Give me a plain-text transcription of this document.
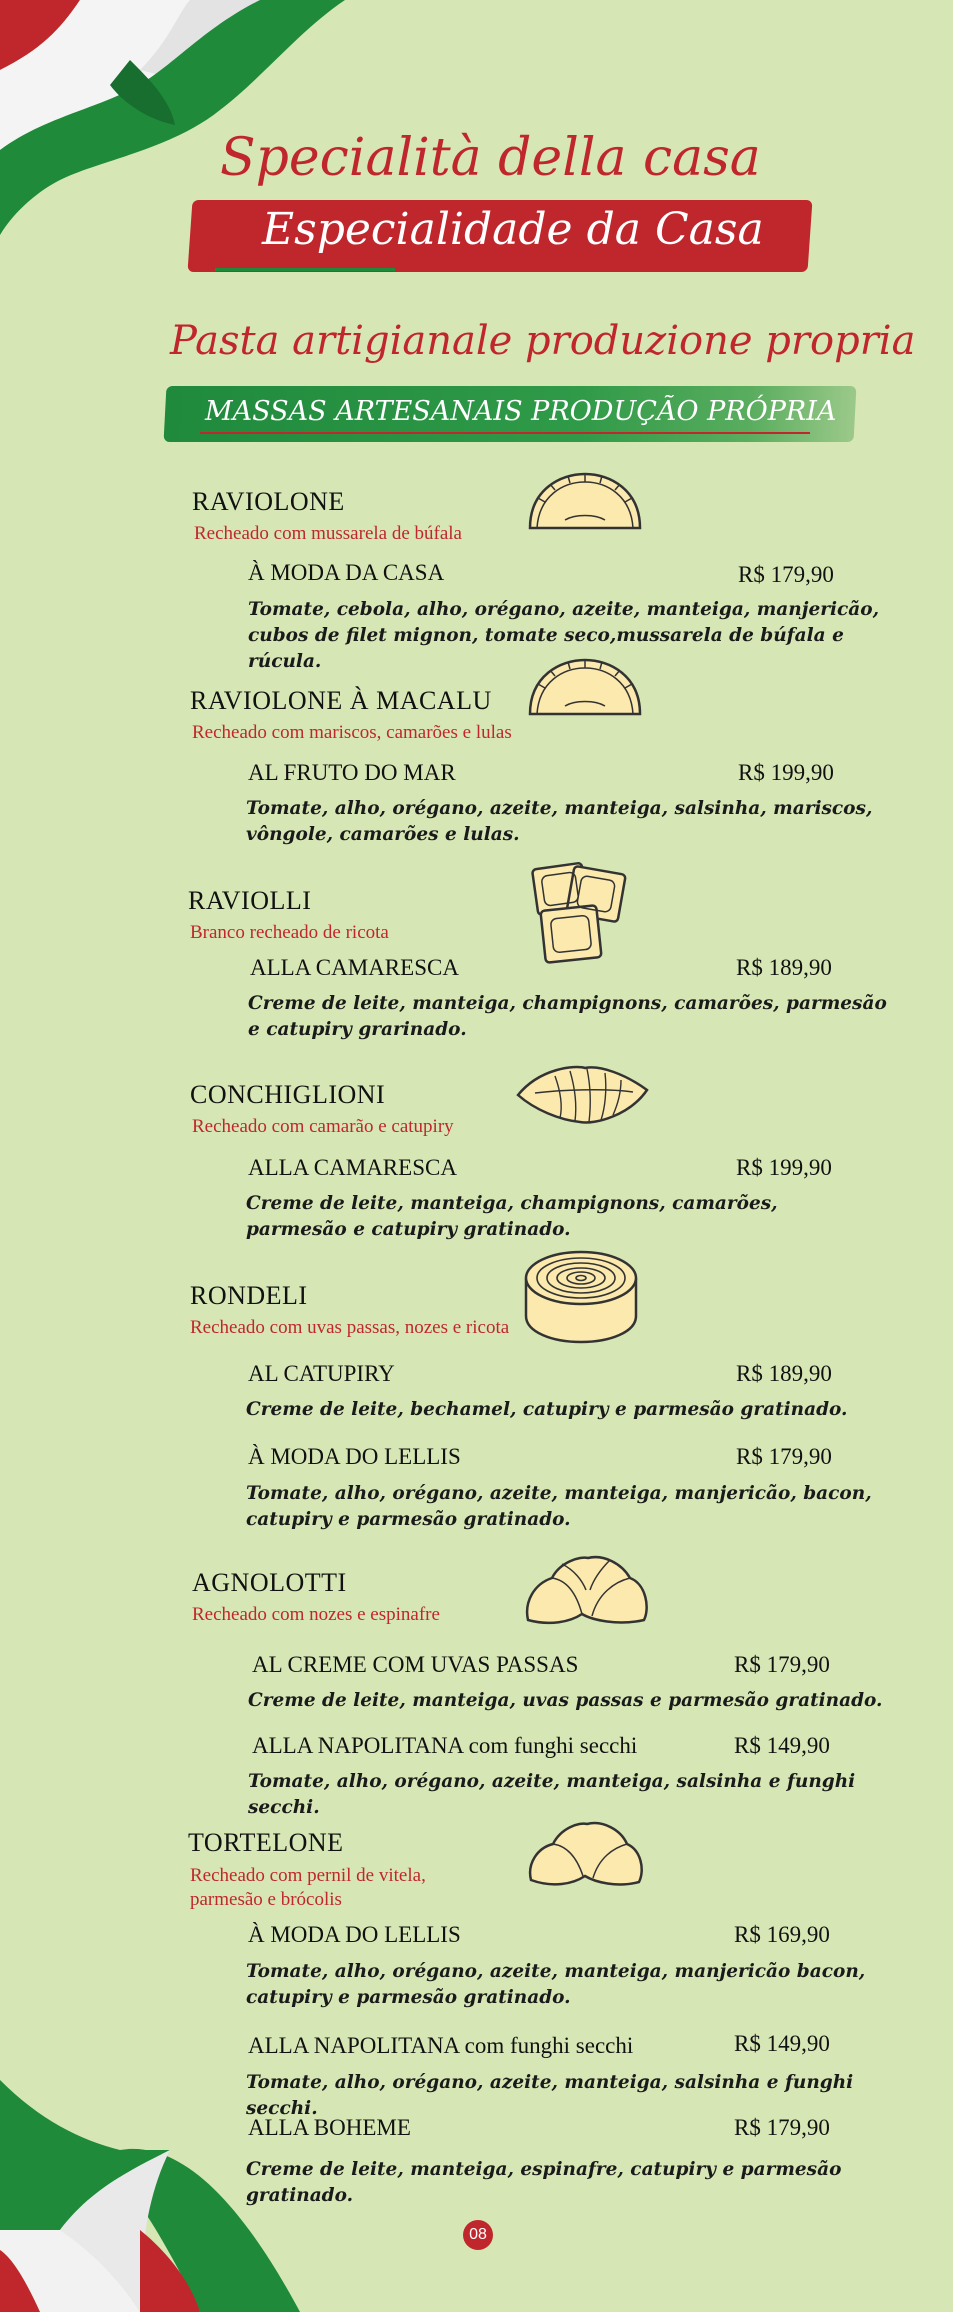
Specialità della casa
Especialidade da Casa
Pasta artigianale produzione propria
MASSAS ARTESANAIS PRODUÇÃO PRÓPRIA
RAVIOLONE
Recheado com mussarela de búfala
À MODA DA CASA	R$ 179,90
Tomate, cebola, alho, orégano, azeite, manteiga, manjericão,
cubos de filet mignon, tomate seco,mussarela de búfala e rúcula.
RAVIOLONE À MACALU
Recheado com mariscos, camarões e lulas
AL FRUTO DO MAR	R$ 199,90
Tomate, alho, orégano, azeite, manteiga, salsinha, mariscos,
vôngole, camarões e lulas.
RAVIOLLI
Branco recheado de ricota
ALLA CAMARESCA	R$ 189,90
Creme de leite, manteiga, champignons, camarões, parmesão
e catupiry grarinado.
CONCHIGLIONI
Recheado com camarão e catupiry
ALLA CAMARESCA	R$ 199,90
Creme de leite, manteiga, champignons, camarões,
parmesão e catupiry gratinado.
RONDELI
Recheado com uvas passas, nozes e ricota
AL CATUPIRY	R$ 189,90
Creme de leite, bechamel, catupiry e parmesão gratinado.
À MODA DO LELLIS	R$ 179,90
Tomate, alho, orégano, azeite, manteiga, manjericão, bacon,
catupiry e parmesão gratinado.
AGNOLOTTI
Recheado com nozes e espinafre
AL CREME COM UVAS PASSAS	R$ 179,90
Creme de leite, manteiga, uvas passas e parmesão gratinado.
ALLA NAPOLITANA com funghi secchi	R$ 149,90
Tomate, alho, orégano, azeite, manteiga, salsinha e funghi secchi.
TORTELONE
Recheado com pernil de vitela,
parmesão e brócolis
À MODA DO LELLIS	R$ 169,90
Tomate, alho, orégano, azeite, manteiga, manjericão bacon,
catupiry e parmesão gratinado.
ALLA NAPOLITANA com funghi secchi	R$ 149,90
Tomate, alho, orégano, azeite, manteiga, salsinha e funghi secchi.
ALLA BOHEME	R$ 179,90
Creme de leite, manteiga, espinafre, catupiry e parmesão
gratinado.
08
